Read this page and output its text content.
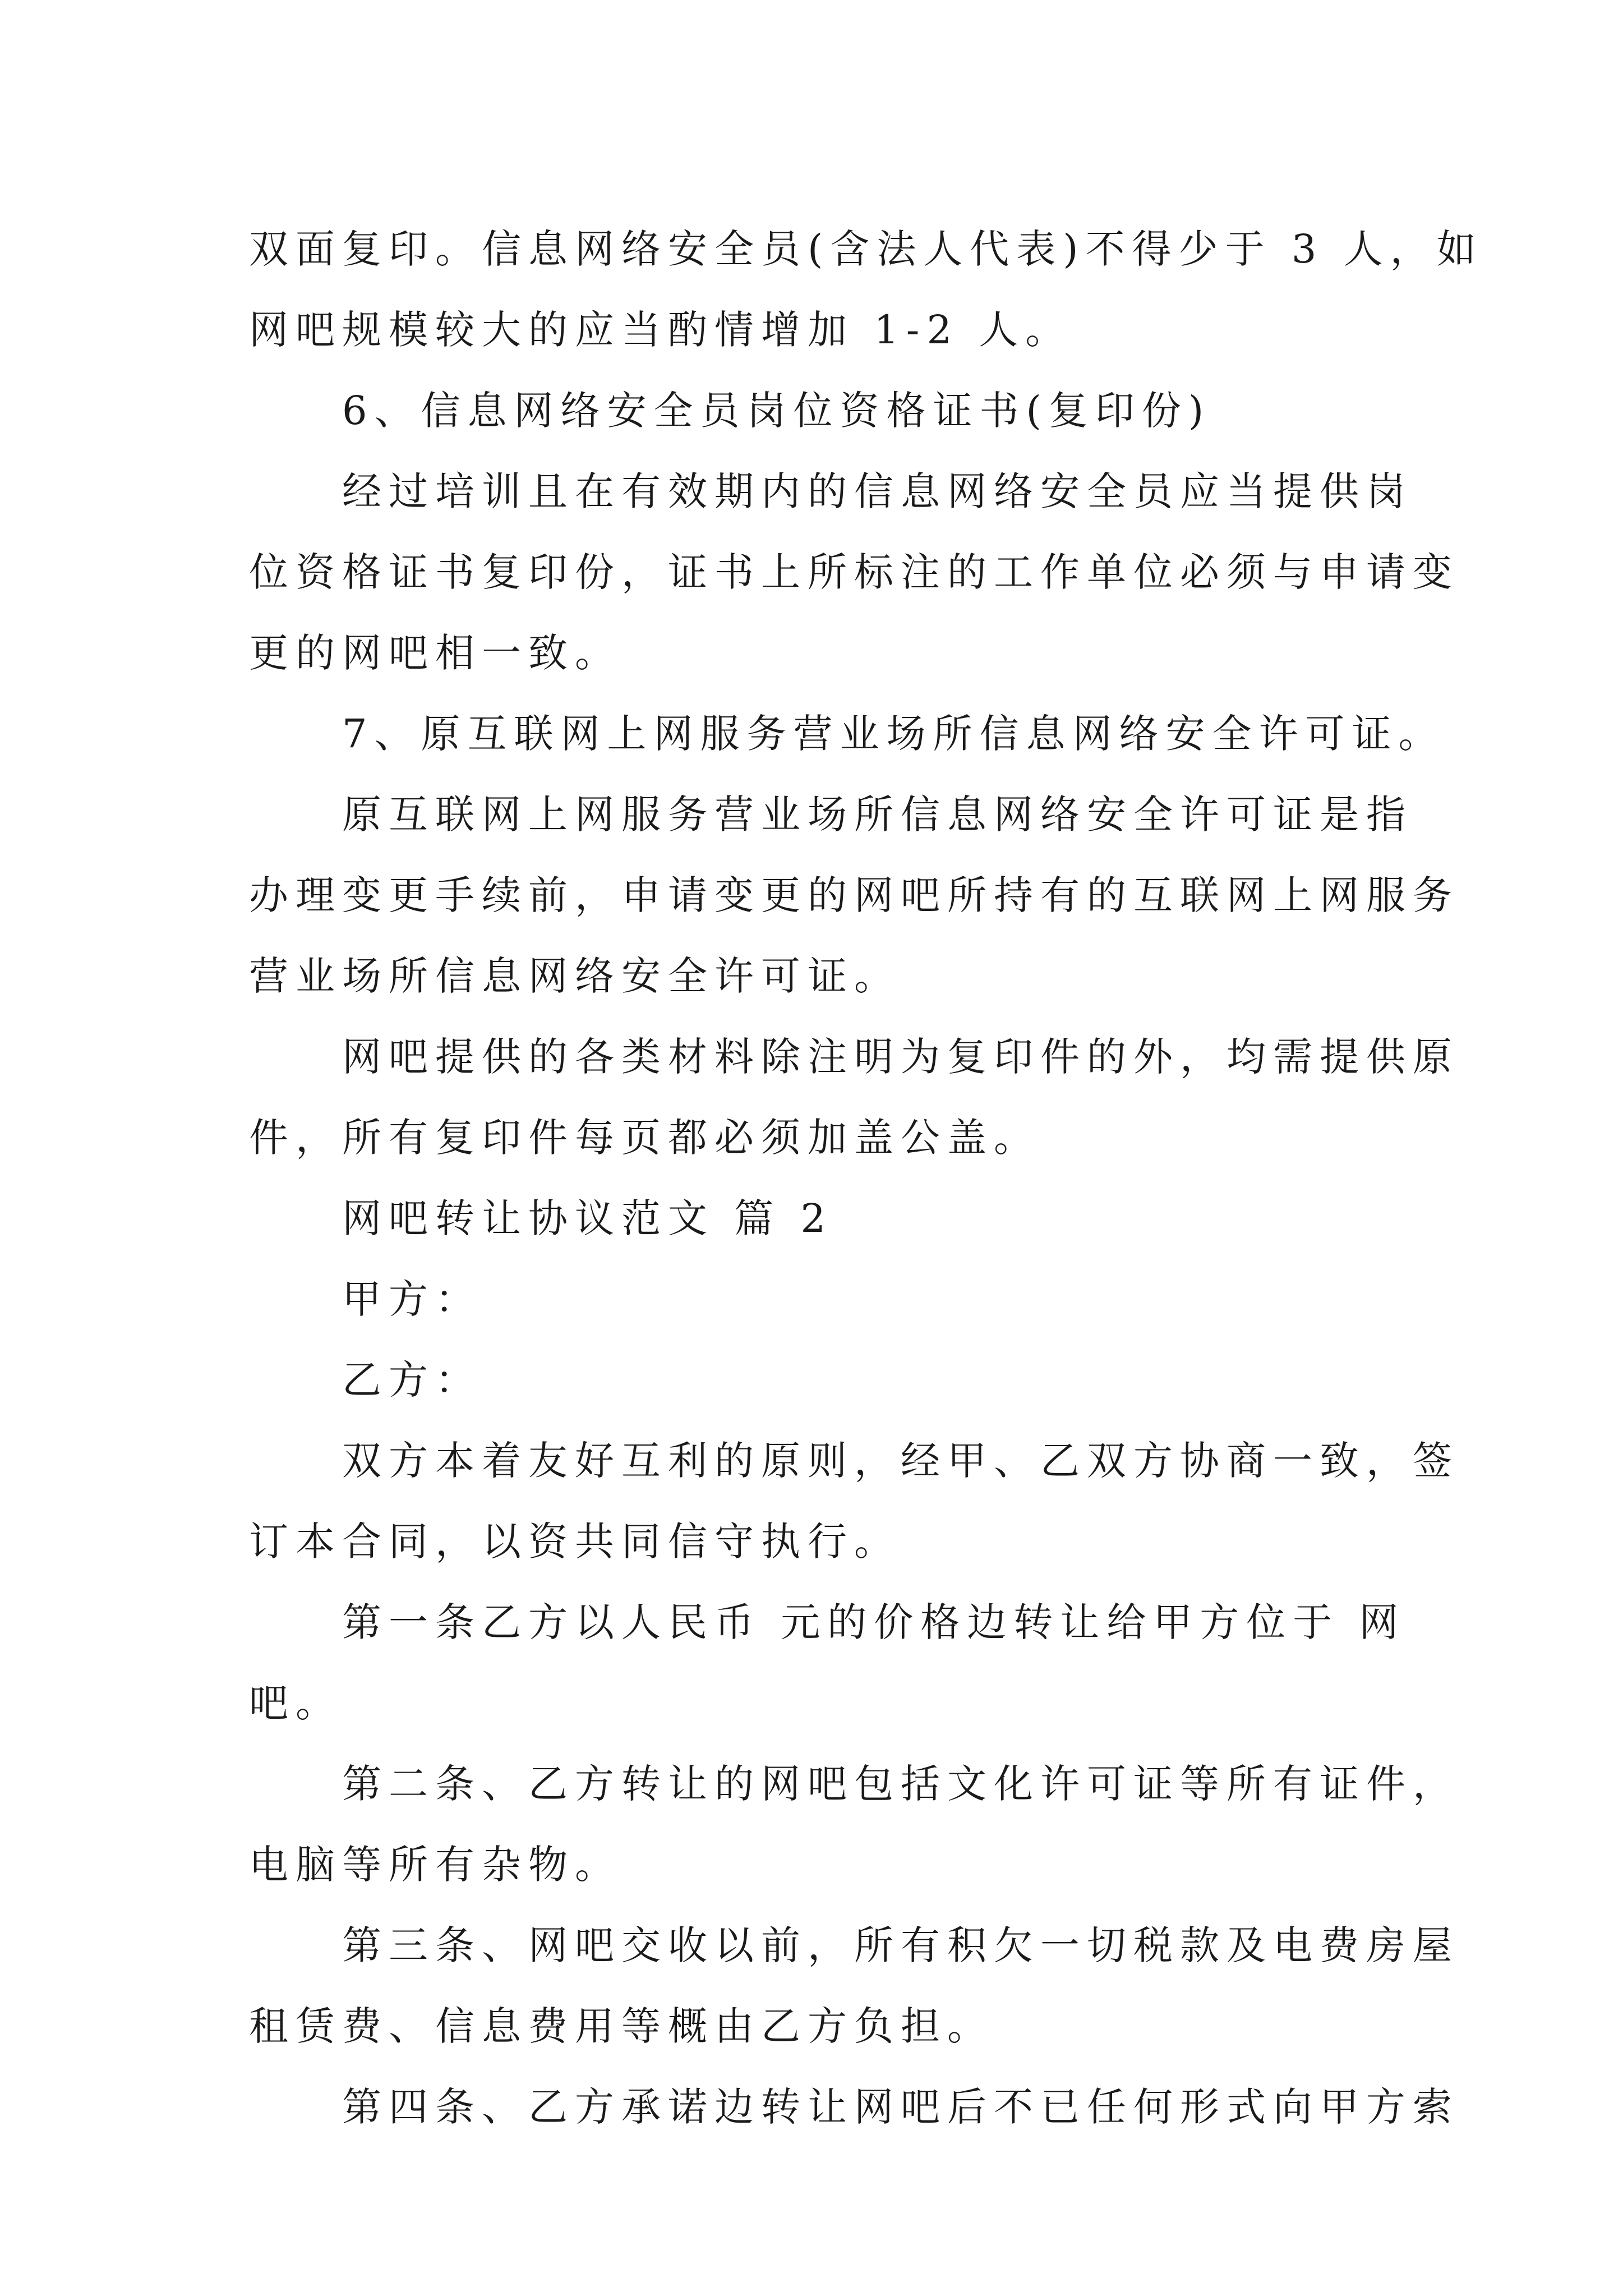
双面复印。信息网络安全员(含法人代表)不得少于 3 人，如
网吧规模较大的应当酌情增加 1-2 人。
6、信息网络安全员岗位资格证书(复印份)
经过培训且在有效期内的信息网络安全员应当提供岗
位资格证书复印份，证书上所标注的工作单位必须与申请变
更的网吧相一致。
7、原互联网上网服务营业场所信息网络安全许可证。
原互联网上网服务营业场所信息网络安全许可证是指
办理变更手续前，申请变更的网吧所持有的互联网上网服务
营业场所信息网络安全许可证。
网吧提供的各类材料除注明为复印件的外，均需提供原
件，所有复印件每页都必须加盖公盖。
网吧转让协议范文 篇 2
甲方：
乙方：
双方本着友好互利的原则，经甲、乙双方协商一致，签
订本合同，以资共同信守执行。
第一条乙方以人民币 元的价格边转让给甲方位于 网
吧。
第二条、乙方转让的网吧包括文化许可证等所有证件，
电脑等所有杂物。
第三条、网吧交收以前，所有积欠一切税款及电费房屋
租赁费、信息费用等概由乙方负担。
第四条、乙方承诺边转让网吧后不已任何形式向甲方索
